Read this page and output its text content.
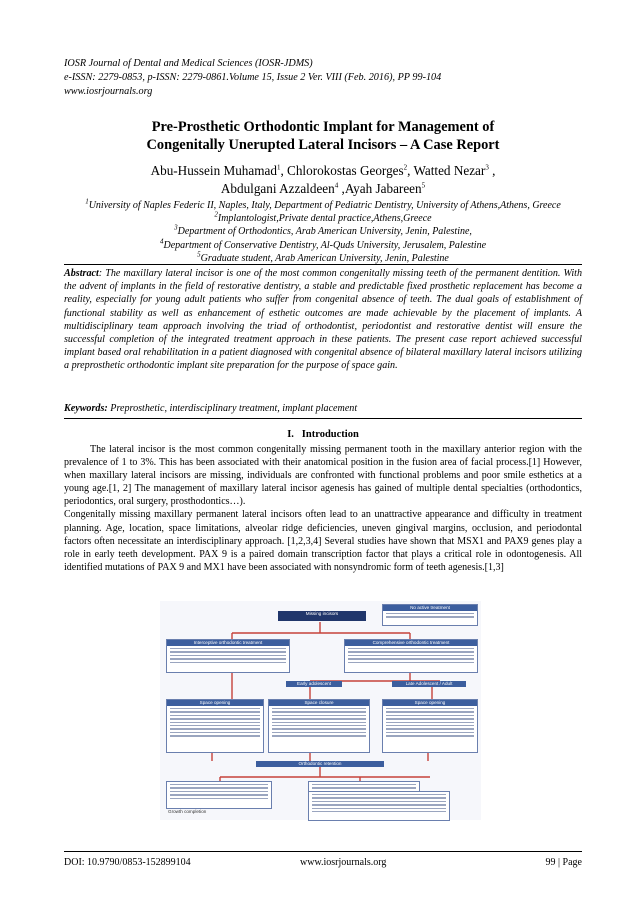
IOSR Journal of Dental and Medical Sciences (IOSR-JDMS)
e-ISSN: 2279-0853, p-ISSN: 2279-0861.Volume 15, Issue 2 Ver. VIII (Feb. 2016), PP 99-104
www.iosrjournals.org
Pre-Prosthetic Orthodontic Implant for Management of
Congenitally Unerupted Lateral Incisors – A Case Report
Abu-Hussein Muhamad$^1$, Chlorokostas Georges$^2$, Watted Nezar$^3$ ,
Abdulgani Azzaldeen$^4$ ,Ayah Jabareen$^5$
$^1$University of Naples Federic II, Naples, Italy, Department of Pediatric Dentistry, University of Athens,Athens, Greece
$^2$Implantologist,Private dental practice,Athens,Greece
$^3$Department of Orthodontics, Arab American University, Jenin, Palestine,
$^4$Department of Conservative Dentistry, Al-Quds University, Jerusalem, Palestine
$^5$Graduate student, Arab American University, Jenin, Palestine
Abstract: The maxillary lateral incisor is one of the most common congenitally missing teeth of the permanent dentition. With the advent of implants in the field of restorative dentistry, a stable and predictable fixed prosthetic replacement has become a reality, especially for young adult patients who suffer from congenital absence of teeth. The dual goals of establishment of functional stability as well as enhancement of esthetic outcomes are made achievable by the placement of implants. A multidisciplinary team approach involving the triad of orthodontist, periodontist and restorative dentist will ensure the successful completion of the integrated treatment approach in these patients. The present case report achieved successful implant based oral rehabilitation in a patient diagnosed with congenital absence of bilateral maxillary lateral incisors utilizing a preprosthetic orthodontic implant site preparation for the purpose of space gain.
Keywords: Preprosthetic, interdisciplinary treatment, implant placement
I. Introduction

The lateral incisor is the most common congenitally missing permanent tooth in the maxillary anterior region with the prevalence of 1 to 3%. This has been associated with their anatomical position in the fusion area of facial process.[1] However, when maxillary lateral incisors are missing, individuals are confronted with functional problems and poor smile esthetics at a young age.[1, 2] The management of maxillary lateral incisor agenesis has gained of multiple dental specialties (orthodontics, periodontics, oral surgery, prosthodontics…).

Congenitally missing maxillary permanent lateral incisors often lead to an unattractive appearance and difficulty in treatment planning. Age, location, space limitations, alveolar ridge deficiencies, uneven gingival margins, occlusion, and periodontal factors often necessitate an interdisciplinary approach. [1,2,3,4] Several studies have shown that MSX1 and PAX9 genes play a role in early teeth development. PAX 9 is a paired domain transcription factor that plays a critical role in odontogenesis. All identified mutations of PAX 9 and MX1 have been associated with nonsyndromic form of teeth agenesis.[1,3]

Missing incisors
No active treatment
Interceptive orthodontic treatment	Comprehensive orthodontic treatment
Early adolescent	Late Adolescent / Adult
Space opening	Space closure	Space opening
Orthodontic retention
Growth completion
DOI: 10.9790/0853-152899104	www.iosrjournals.org	99 | Page
